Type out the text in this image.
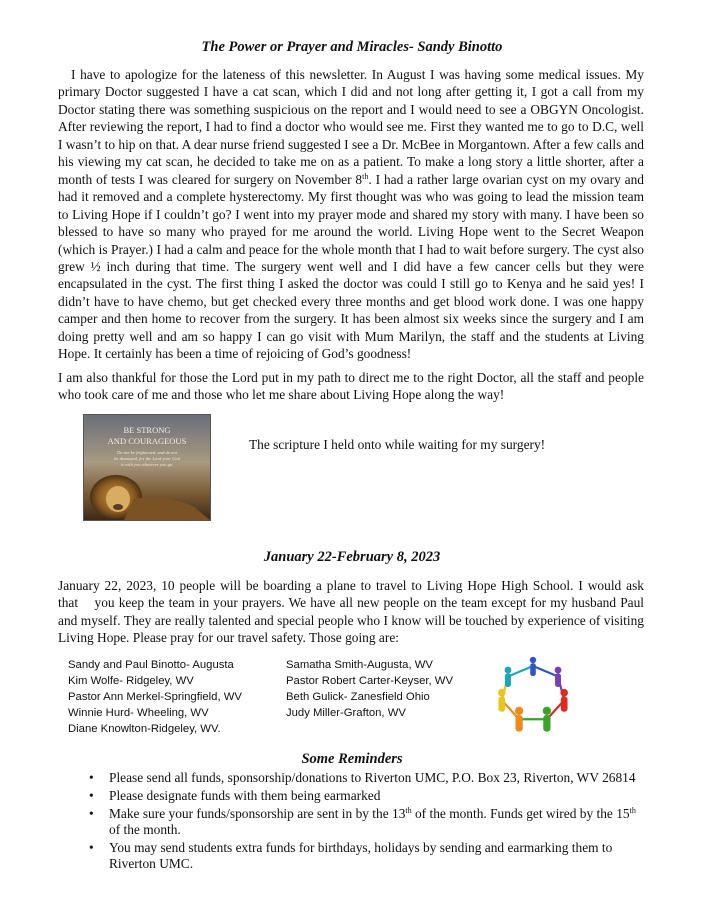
The Power or Prayer and Miracles- Sandy Binotto

I have to apologize for the lateness of this newsletter. In August I was having some medical issues. My primary Doctor suggested I have a cat scan, which I did and not long after getting it, I got a call from my Doctor stating there was something suspicious on the report and I would need to see a OBGYN Oncologist. After reviewing the report, I had to find a doctor who would see me. First they wanted me to go to D.C, well I wasn’t to hip on that. A dear nurse friend suggested I see a Dr. McBee in Morgantown. After a few calls and his viewing my cat scan, he decided to take me on as a patient. To make a long story a little shorter, after a month of tests I was cleared for surgery on November 8th. I had a rather large ovarian cyst on my ovary and had it removed and a complete hysterectomy. My first thought was who was going to lead the mission team to Living Hope if I couldn’t go? I went into my prayer mode and shared my story with many. I have been so blessed to have so many who prayed for me around the world. Living Hope went to the Secret Weapon (which is Prayer.) I had a calm and peace for the whole month that I had to wait before surgery. The cyst also grew ½ inch during that time. The surgery went well and I did have a few cancer cells but they were encapsulated in the cyst. The first thing I asked the doctor was could I still go to Kenya and he said yes! I didn’t have to have chemo, but get checked every three months and get blood work done. I was one happy camper and then home to recover from the surgery. It has been almost six weeks since the surgery and I am doing pretty well and am so happy I can go visit with Mum Marilyn, the staff and the students at Living Hope. It certainly has been a time of rejoicing of God’s goodness!

I am also thankful for those the Lord put in my path to direct me to the right Doctor, all the staff and people who took care of me and those who let me share about Living Hope along the way!

BE STRONG
AND COURAGEOUS
Do not be frightened, and do not
be dismayed, for the Lord your God
is with you wherever you go.

The scripture I held onto while waiting for my surgery!

January 22-February 8, 2023

January 22, 2023, 10 people will be boarding a plane to travel to Living Hope High School. I would ask that    you keep the team in your prayers. We have all new people on the team except for my husband Paul and myself. They are really talented and special people who I know will be touched by experience of visiting Living Hope. Please pray for our travel safety. Those going are:

Sandy and Paul Binotto- Augusta
Kim Wolfe- Ridgeley, WV
Pastor Ann Merkel-Springfield, WV
Winnie Hurd- Wheeling, WV
Diane Knowlton-Ridgeley, WV.
Samatha Smith-Augusta, WV
Pastor Robert Carter-Keyser, WV
Beth Gulick- Zanesfield Ohio
Judy Miller-Grafton, WV
Some Reminders
• Please send all funds, sponsorship/donations to Riverton UMC, P.O. Box 23, Riverton, WV 26814
• Please designate funds with them being earmarked
• Make sure your funds/sponsorship are sent in by the 13th of the month. Funds get wired by the 15th of the month.
• You may send students extra funds for birthdays, holidays by sending and earmarking them to Riverton UMC.
